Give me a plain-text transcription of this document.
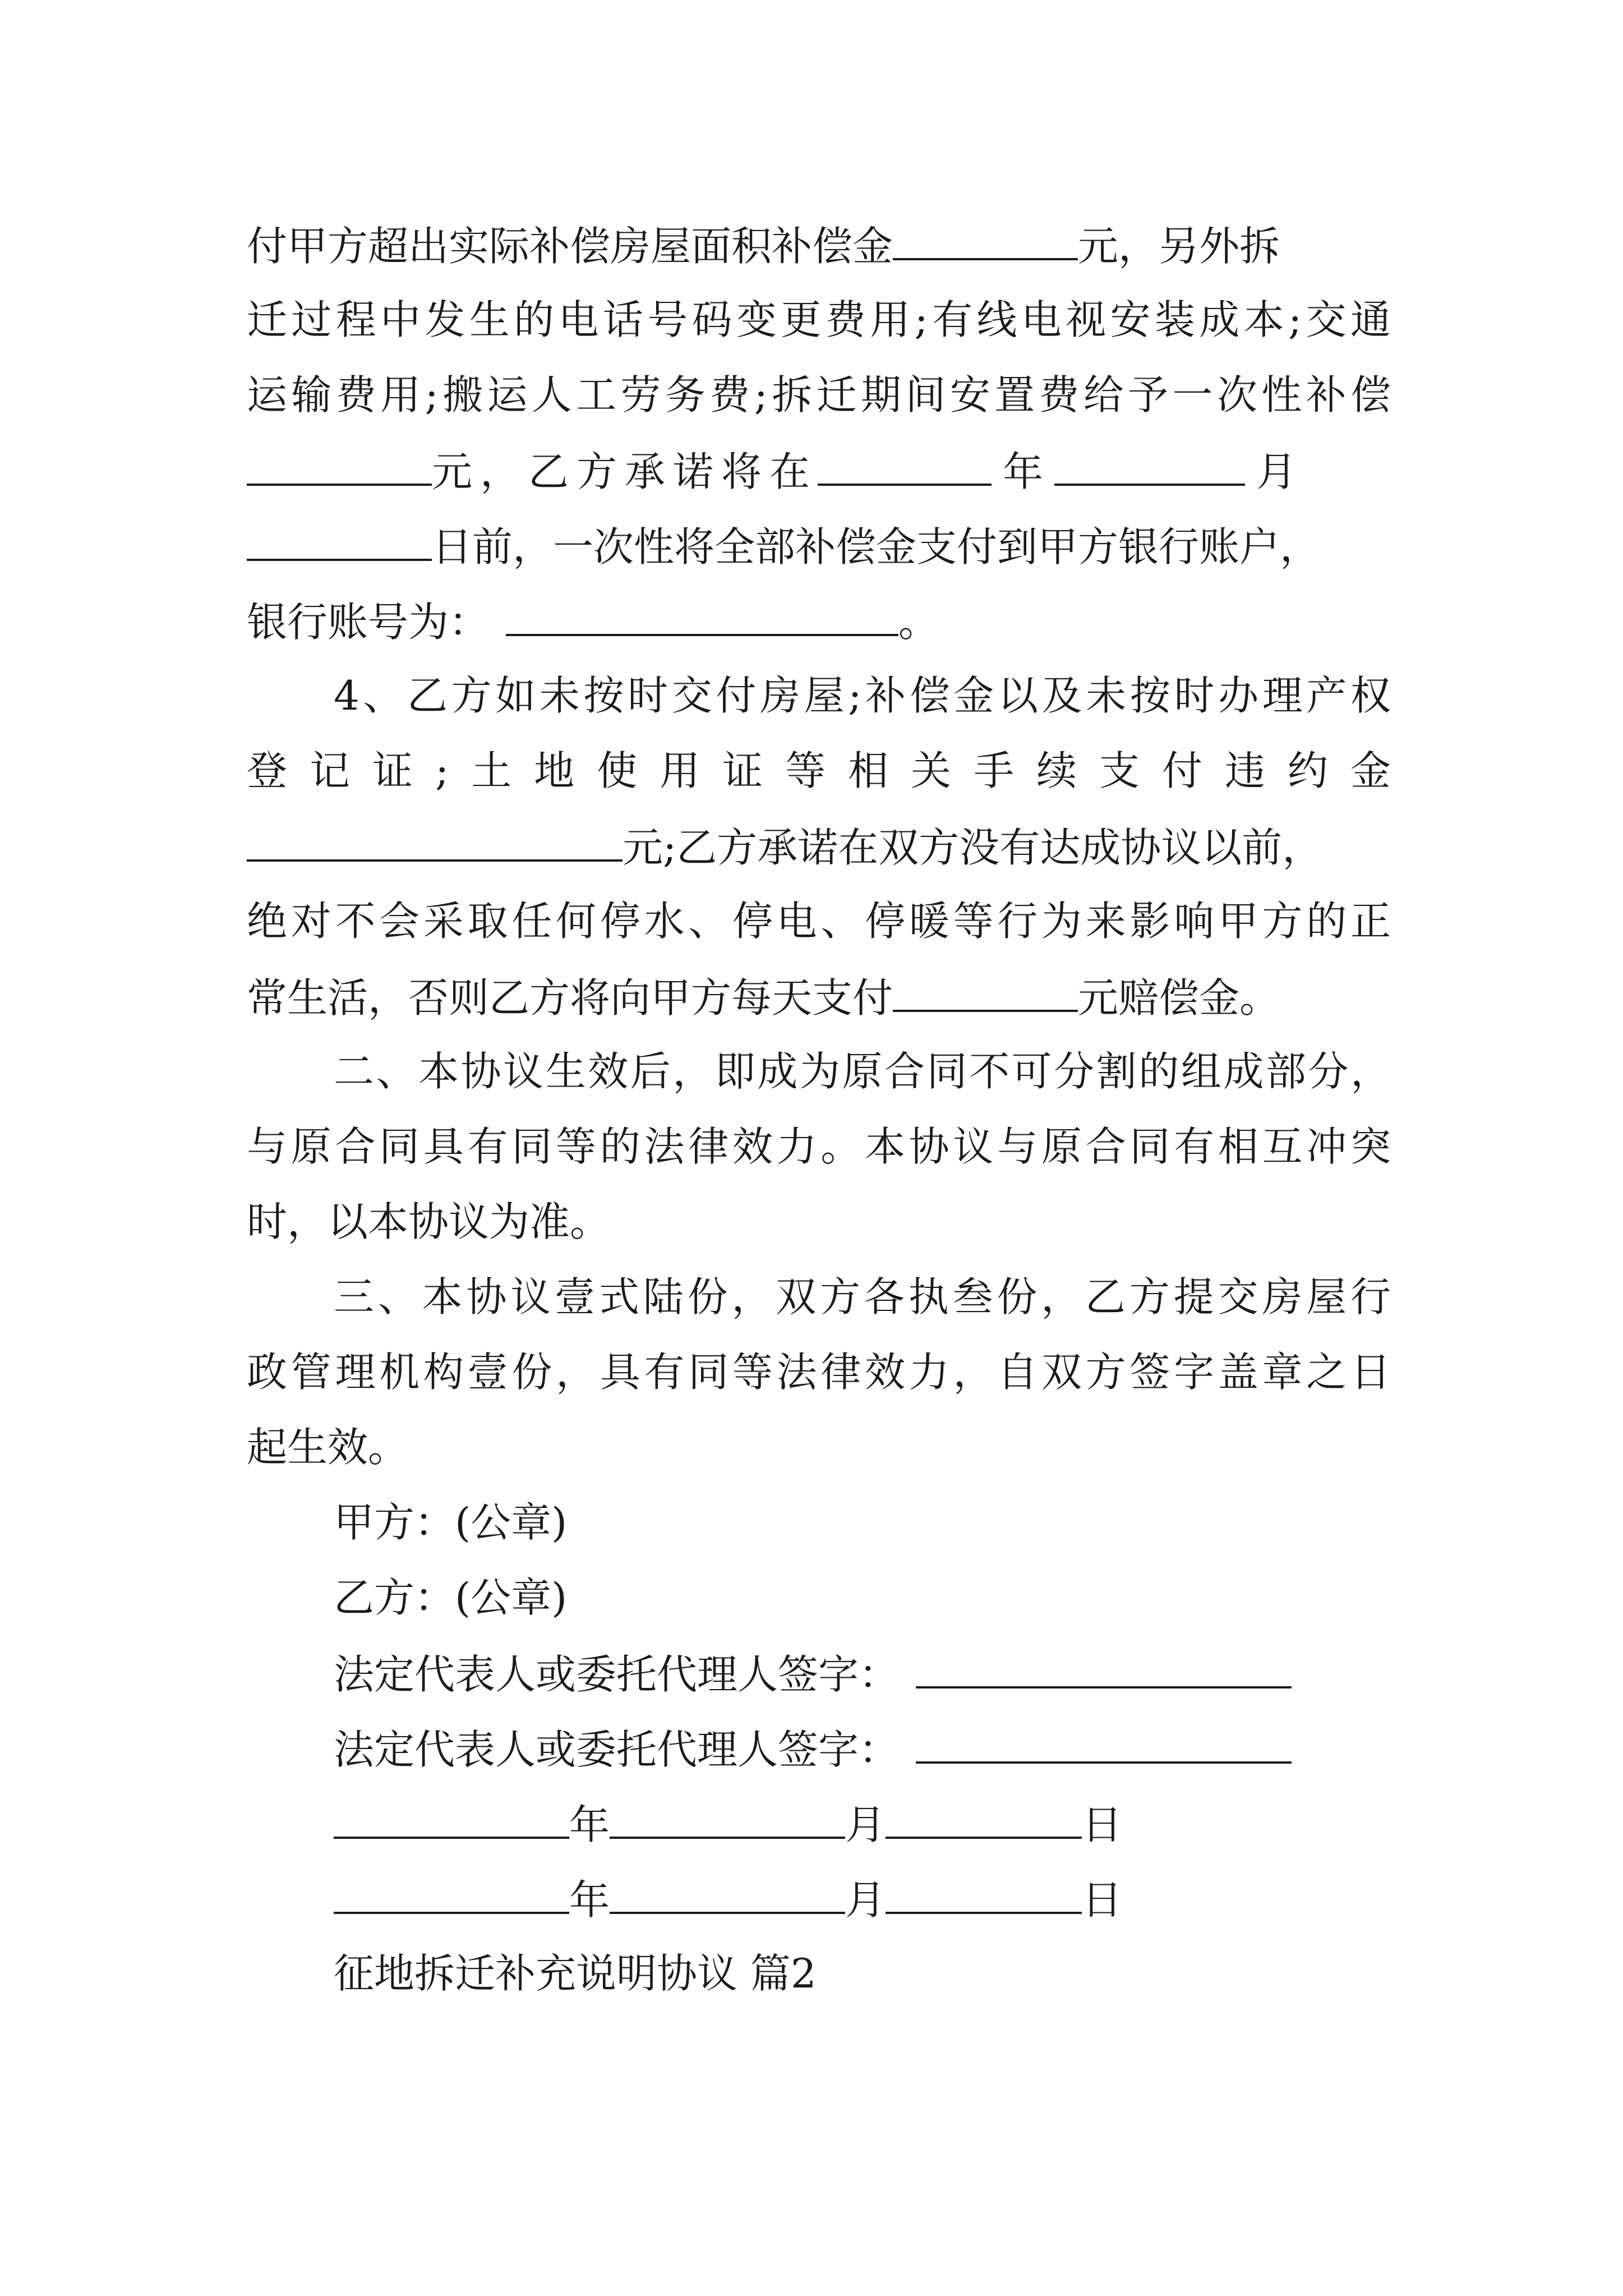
付甲方超出实际补偿房屋面积补偿金	元，另外拆
迁过程中发生的电话号码变更费用;有线电视安装成本;交通
运输费用;搬运人工劳务费;拆迁期间安置费给予一次性补偿
元，乙方承诺将在	年	月
日前，一次性将全部补偿金支付到甲方银行账户，
银行账号为：	。
4、乙方如未按时交付房屋;补偿金以及未按时办理产权
登记证;土地使用证等相关手续支付违约金
元;乙方承诺在双方没有达成协议以前，
绝对不会采取任何停水、停电、停暖等行为来影响甲方的正
常生活，否则乙方将向甲方每天支付	元赔偿金。
二、本协议生效后，即成为原合同不可分割的组成部分，
与原合同具有同等的法律效力。本协议与原合同有相互冲突
时，以本协议为准。
三、本协议壹式陆份，双方各执叁份，乙方提交房屋行
政管理机构壹份，具有同等法律效力，自双方签字盖章之日
起生效。
甲方：(公章)
乙方：(公章)
法定代表人或委托代理人签字：
法定代表人或委托代理人签字：
年	月	日
年	月	日
征地拆迁补充说明协议 篇2
